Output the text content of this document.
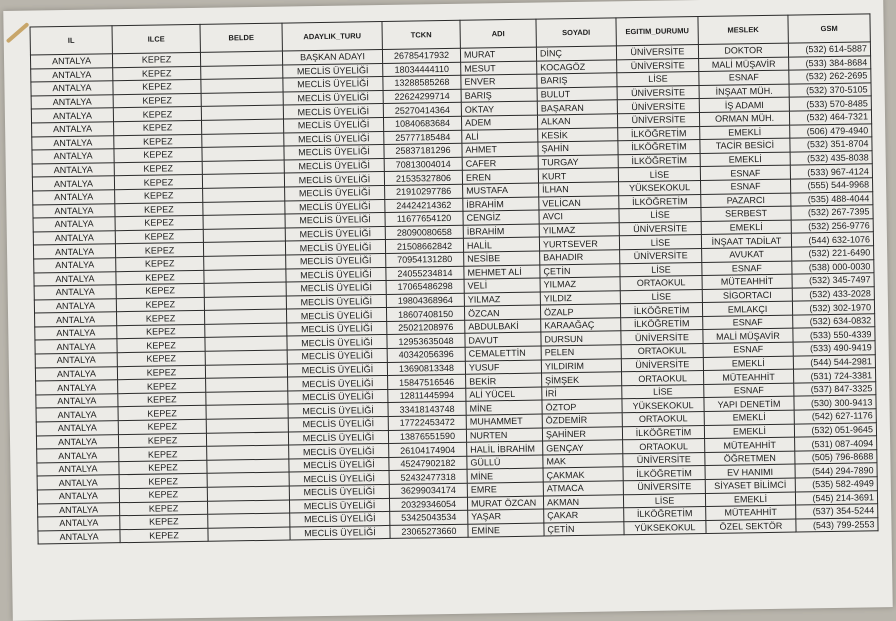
IL	ILCE	BELDE	ADAYLIK_TURU	TCKN	ADI	SOYADI	EGITIM_DURUMU	MESLEK	GSM
ANTALYA	KEPEZ		BAŞKAN ADAYI	26785417932	MURAT	DİNÇ	ÜNİVERSİTE	DOKTOR	(532) 614-5887
ANTALYA	KEPEZ		MECLİS ÜYELİĞİ	18034444110	MESUT	KOCAGÖZ	ÜNİVERSİTE	MALİ MÜŞAVİR	(533) 384-8684
ANTALYA	KEPEZ		MECLİS ÜYELİĞİ	13288585268	ENVER	BARIŞ	LİSE	ESNAF	(532) 262-2695
ANTALYA	KEPEZ		MECLİS ÜYELİĞİ	22624299714	BARIŞ	BULUT	ÜNİVERSİTE	İNŞAAT MÜH.	(532) 370-5105
ANTALYA	KEPEZ		MECLİS ÜYELİĞİ	25270414364	OKTAY	BAŞARAN	ÜNİVERSİTE	İŞ ADAMI	(533) 570-8485
ANTALYA	KEPEZ		MECLİS ÜYELİĞİ	10840683684	ADEM	ALKAN	ÜNİVERSİTE	ORMAN MÜH.	(532) 464-7321
ANTALYA	KEPEZ		MECLİS ÜYELİĞİ	25777185484	ALİ	KESİK	İLKÖĞRETİM	EMEKLİ	(506) 479-4940
ANTALYA	KEPEZ		MECLİS ÜYELİĞİ	25837181296	AHMET	ŞAHİN	İLKÖĞRETİM	TACİR BESİCİ	(532) 351-8704
ANTALYA	KEPEZ		MECLİS ÜYELİĞİ	70813004014	CAFER	TURGAY	İLKÖĞRETİM	EMEKLİ	(532) 435-8038
ANTALYA	KEPEZ		MECLİS ÜYELİĞİ	21535327806	EREN	KURT	LİSE	ESNAF	(533) 967-4124
ANTALYA	KEPEZ		MECLİS ÜYELİĞİ	21910297786	MUSTAFA	İLHAN	YÜKSEKOKUL	ESNAF	(555) 544-9968
ANTALYA	KEPEZ		MECLİS ÜYELİĞİ	24424214362	İBRAHİM	VELİCAN	İLKÖĞRETİM	PAZARCI	(535) 488-4044
ANTALYA	KEPEZ		MECLİS ÜYELİĞİ	11677654120	CENGİZ	AVCI	LİSE	SERBEST	(532) 267-7395
ANTALYA	KEPEZ		MECLİS ÜYELİĞİ	28090080658	İBRAHİM	YILMAZ	ÜNİVERSİTE	EMEKLİ	(532) 256-9776
ANTALYA	KEPEZ		MECLİS ÜYELİĞİ	21508662842	HALİL	YURTSEVER	LİSE	İNŞAAT TADİLAT	(544) 632-1076
ANTALYA	KEPEZ		MECLİS ÜYELİĞİ	70954131280	NESİBE	BAHADIR	ÜNİVERSİTE	AVUKAT	(532) 221-6490
ANTALYA	KEPEZ		MECLİS ÜYELİĞİ	24055234814	MEHMET ALİ	ÇETİN	LİSE	ESNAF	(538) 000-0030
ANTALYA	KEPEZ		MECLİS ÜYELİĞİ	17065486298	VELİ	YILMAZ	ORTAOKUL	MÜTEAHHİT	(532) 345-7497
ANTALYA	KEPEZ		MECLİS ÜYELİĞİ	19804368964	YILMAZ	YILDIZ	LİSE	SİGORTACI	(532) 433-2028
ANTALYA	KEPEZ		MECLİS ÜYELİĞİ	18607408150	ÖZCAN	ÖZALP	İLKÖĞRETİM	EMLAKÇI	(532) 302-1970
ANTALYA	KEPEZ		MECLİS ÜYELİĞİ	25021208976	ABDULBAKİ	KARAAĞAÇ	İLKÖĞRETİM	ESNAF	(532) 634-0832
ANTALYA	KEPEZ		MECLİS ÜYELİĞİ	12953635048	DAVUT	DURSUN	ÜNİVERSİTE	MALİ MÜŞAVİR	(533) 550-4339
ANTALYA	KEPEZ		MECLİS ÜYELİĞİ	40342056396	CEMALETTİN	PELEN	ORTAOKUL	ESNAF	(533) 490-9419
ANTALYA	KEPEZ		MECLİS ÜYELİĞİ	13690813348	YUSUF	YILDIRIM	ÜNİVERSİTE	EMEKLİ	(544) 544-2981
ANTALYA	KEPEZ		MECLİS ÜYELİĞİ	15847516546	BEKİR	ŞİMŞEK	ORTAOKUL	MÜTEAHHİT	(531) 724-3381
ANTALYA	KEPEZ		MECLİS ÜYELİĞİ	12811445994	ALİ YÜCEL	İRİ	LİSE	ESNAF	(537) 847-3325
ANTALYA	KEPEZ		MECLİS ÜYELİĞİ	33418143748	MİNE	ÖZTOP	YÜKSEKOKUL	YAPI DENETİM	(530) 300-9413
ANTALYA	KEPEZ		MECLİS ÜYELİĞİ	17722453472	MUHAMMET	ÖZDEMİR	ORTAOKUL	EMEKLİ	(542) 627-1176
ANTALYA	KEPEZ		MECLİS ÜYELİĞİ	13876551590	NURTEN	ŞAHİNER	İLKÖĞRETİM	EMEKLİ	(532) 051-9645
ANTALYA	KEPEZ		MECLİS ÜYELİĞİ	26104174904	HALİL İBRAHİM	GENÇAY	ORTAOKUL	MÜTEAHHİT	(531) 087-4094
ANTALYA	KEPEZ		MECLİS ÜYELİĞİ	45247902182	GÜLLÜ	MAK	ÜNİVERSİTE	ÖĞRETMEN	(505) 796-8688
ANTALYA	KEPEZ		MECLİS ÜYELİĞİ	52432477318	MİNE	ÇAKMAK	İLKÖĞRETİM	EV HANIMI	(544) 294-7890
ANTALYA	KEPEZ		MECLİS ÜYELİĞİ	36299034174	EMRE	ATMACA	ÜNİVERSİTE	SİYASET BİLİMCİ	(535) 582-4949
ANTALYA	KEPEZ		MECLİS ÜYELİĞİ	20329346054	MURAT ÖZCAN	AKMAN	LİSE	EMEKLİ	(545) 214-3691
ANTALYA	KEPEZ		MECLİS ÜYELİĞİ	53425043534	YAŞAR	ÇAKAR	İLKÖĞRETİM	MÜTEAHHİT	(537) 354-5244
ANTALYA	KEPEZ		MECLİS ÜYELİĞİ	23065273660	EMİNE	ÇETİN	YÜKSEKOKUL	ÖZEL SEKTÖR	(543) 799-2553
